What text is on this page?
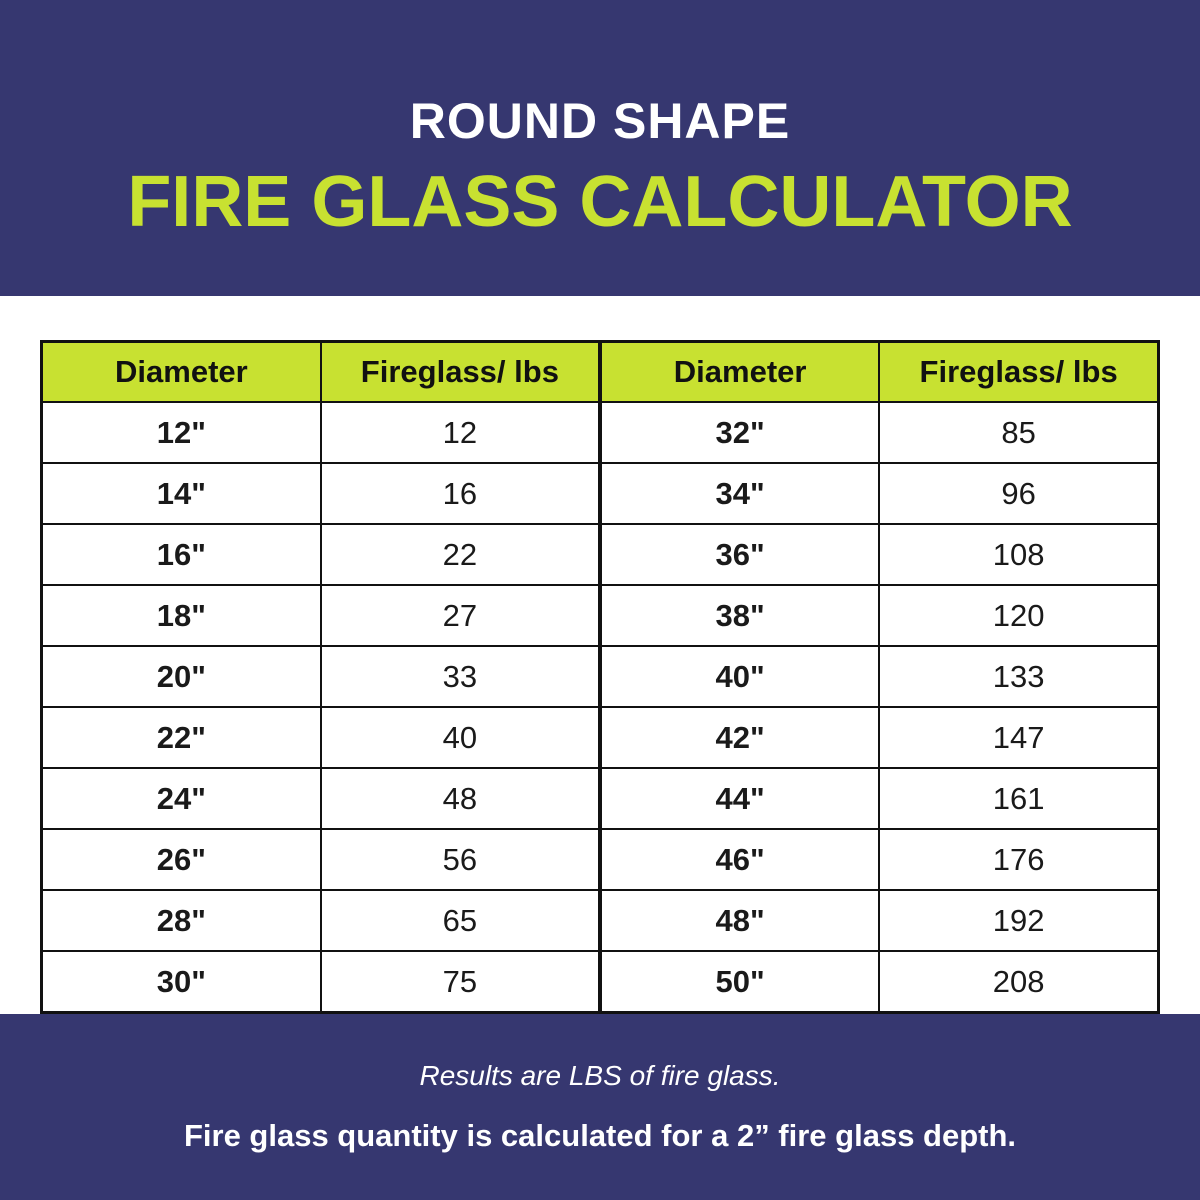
ROUND SHAPE
FIRE GLASS CALCULATOR
Diameter	Fireglass/ lbs	Diameter	Fireglass/ lbs
12"	12	32"	85
14"	16	34"	96
16"	22	36"	108
18"	27	38"	120
20"	33	40"	133
22"	40	42"	147
24"	48	44"	161
26"	56	46"	176
28"	65	48"	192
30"	75	50"	208
Results are LBS of fire glass.
Fire glass quantity is calculated for a 2” fire glass depth.
